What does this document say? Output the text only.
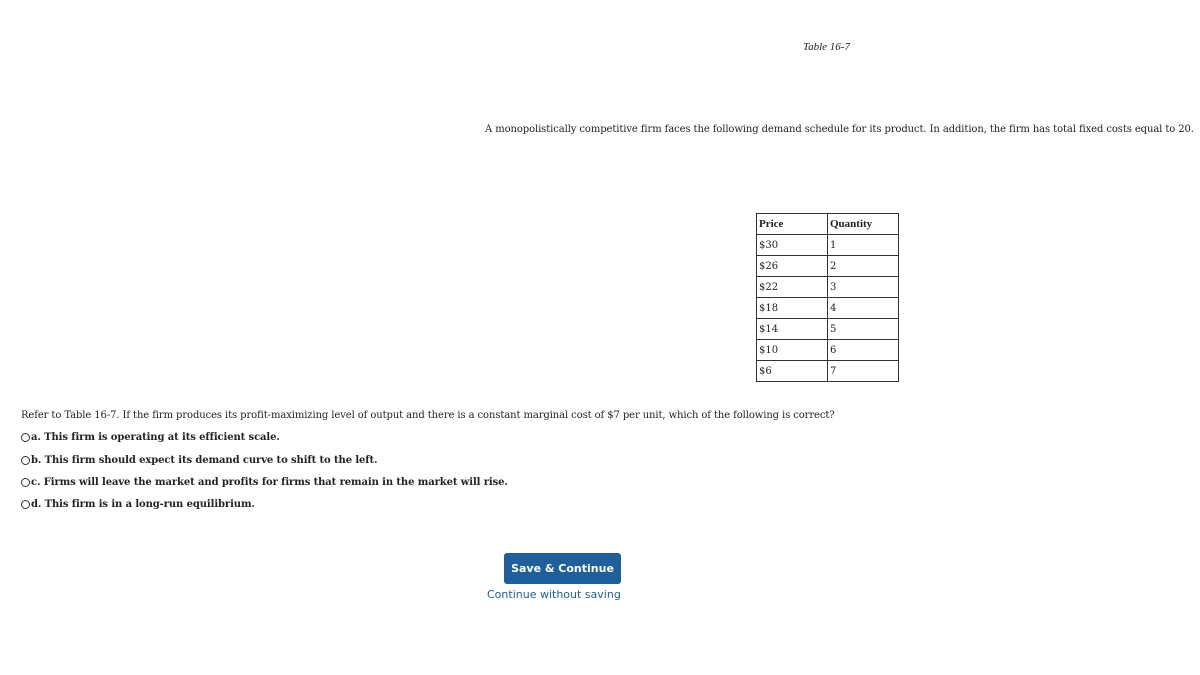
Table 16-7
A monopolistically competitive firm faces the following demand schedule for its product. In addition, the firm has total fixed costs equal to 20.
Price	Quantity
$30	1
$26	2
$22	3
$18	4
$14	5
$10	6
$6	7
Refer to Table 16-7. If the firm produces its profit-maximizing level of output and there is a constant marginal cost of $7 per unit, which of the following is correct?
a. This firm is operating at its efficient scale.
b. This firm should expect its demand curve to shift to the left.
c. Firms will leave the market and profits for firms that remain in the market will rise.
d. This firm is in a long-run equilibrium.
Save & Continue
Continue without saving
